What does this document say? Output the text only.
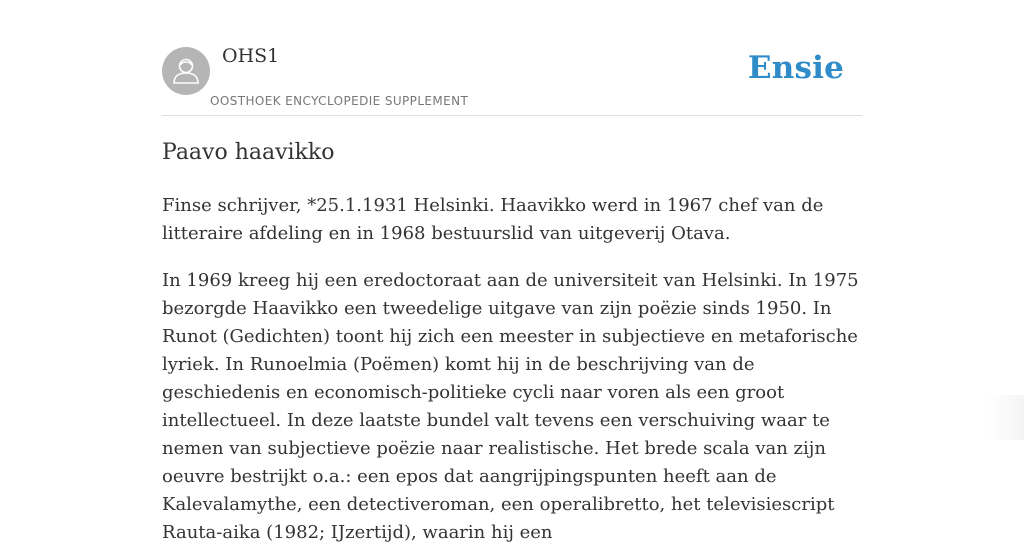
OHS1
OOSTHOEK ENCYCLOPEDIE SUPPLEMENT
Ensie
Paavo haavikko

Finse schrijver, *25.1.1931 Helsinki. Haavikko werd in 1967 chef van de litteraire afdeling en in 1968 bestuurslid van uitgeverij Otava.

In 1969 kreeg hij een eredoctoraat aan de universiteit van Helsinki. In 1975 bezorgde Haavikko een tweedelige uitgave van zijn poëzie sinds 1950. In Runot (Gedichten) toont hij zich een meester in subjectieve en metaforische lyriek. In Runoelmia (Poëmen) komt hij in de beschrijving van de geschiedenis en economisch-politieke cycli naar voren als een groot intellectueel. In deze laatste bundel valt tevens een verschuiving waar te nemen van subjectieve poëzie naar realistische. Het brede scala van zijn oeuvre bestrijkt o.a.: een epos dat aangrijpingspunten heeft aan de Kalevalamythe, een detectiveroman, een operalibretto, het televisiescript Rauta-aika (1982; IJzertijd), waarin hij een
